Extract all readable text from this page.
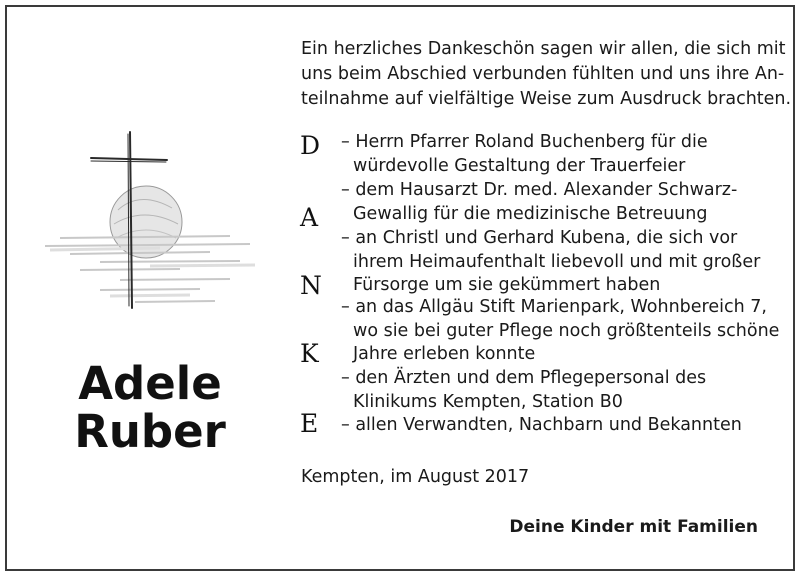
Adele
Ruber
Ein herzliches Dankeschön sagen wir allen, die sich mit
uns beim Abschied verbunden fühlten und uns ihre An-
teilnahme auf vielfältige Weise zum Ausdruck brachten.
D
A
N
K
E
– Herrn Pfarrer Roland Buchenberg für die
würdevolle Gestaltung der Trauerfeier
– dem Hausarzt Dr. med. Alexander Schwarz-
Gewallig für die medizinische Betreuung
– an Christl und Gerhard Kubena, die sich vor
ihrem Heimaufenthalt liebevoll und mit großer
Fürsorge um sie gekümmert haben
– an das Allgäu Stift Marienpark, Wohnbereich 7,
wo sie bei guter Pflege noch größtenteils schöne
Jahre erleben konnte
– den Ärzten und dem Pflegepersonal des
Klinikums Kempten, Station B0
– allen Verwandten, Nachbarn und Bekannten
Kempten, im August 2017
Deine Kinder mit Familien
